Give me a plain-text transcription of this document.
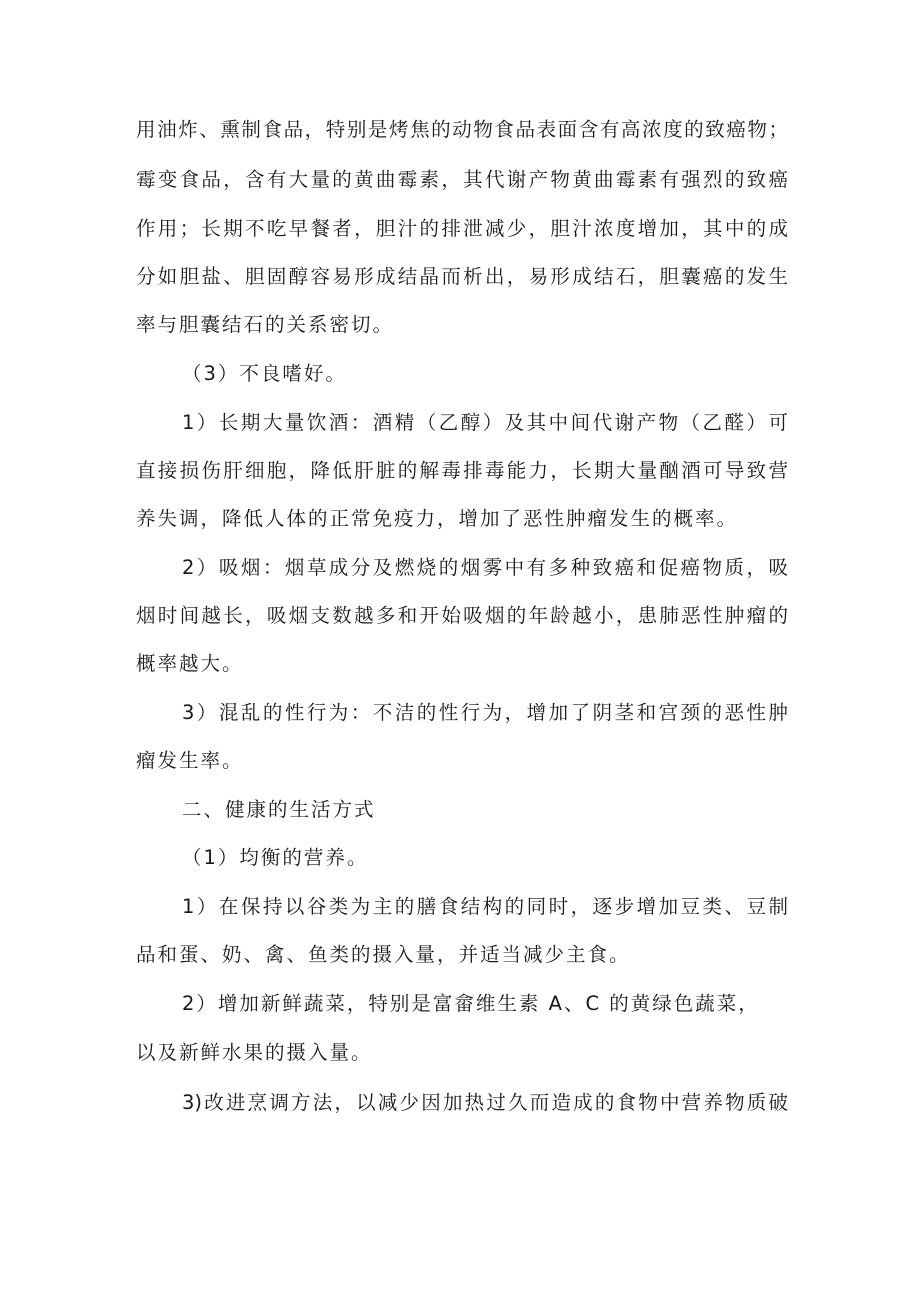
用油炸、熏制食品，特别是烤焦的动物食品表面含有高浓度的致癌物；
霉变食品，含有大量的黄曲霉素，其代谢产物黄曲霉素有强烈的致癌
作用；长期不吃早餐者，胆汁的排泄减少，胆汁浓度增加，其中的成
分如胆盐、胆固醇容易形成结晶而析出，易形成结石，胆囊癌的发生
率与胆囊结石的关系密切。
（3）不良嗜好。
1）长期大量饮酒：酒精（乙醇）及其中间代谢产物（乙醛）可
直接损伤肝细胞，降低肝脏的解毒排毒能力，长期大量酗酒可导致营
养失调，降低人体的正常免疫力，增加了恶性肿瘤发生的概率。
2）吸烟：烟草成分及燃烧的烟雾中有多种致癌和促癌物质，吸
烟时间越长，吸烟支数越多和开始吸烟的年龄越小，患肺恶性肿瘤的
概率越大。
3）混乱的性行为：不洁的性行为，增加了阴茎和宫颈的恶性肿
瘤发生率。
二、健康的生活方式
（1）均衡的营养。
1）在保持以谷类为主的膳食结构的同时，逐步增加豆类、豆制
品和蛋、奶、禽、鱼类的摄入量，并适当减少主食。
2）增加新鲜蔬菜，特别是富畲维生素 A、C 的黄绿色蔬菜，
以及新鲜水果的摄入量。
3)改进烹调方法，以减少因加热过久而造成的食物中营养物质破
